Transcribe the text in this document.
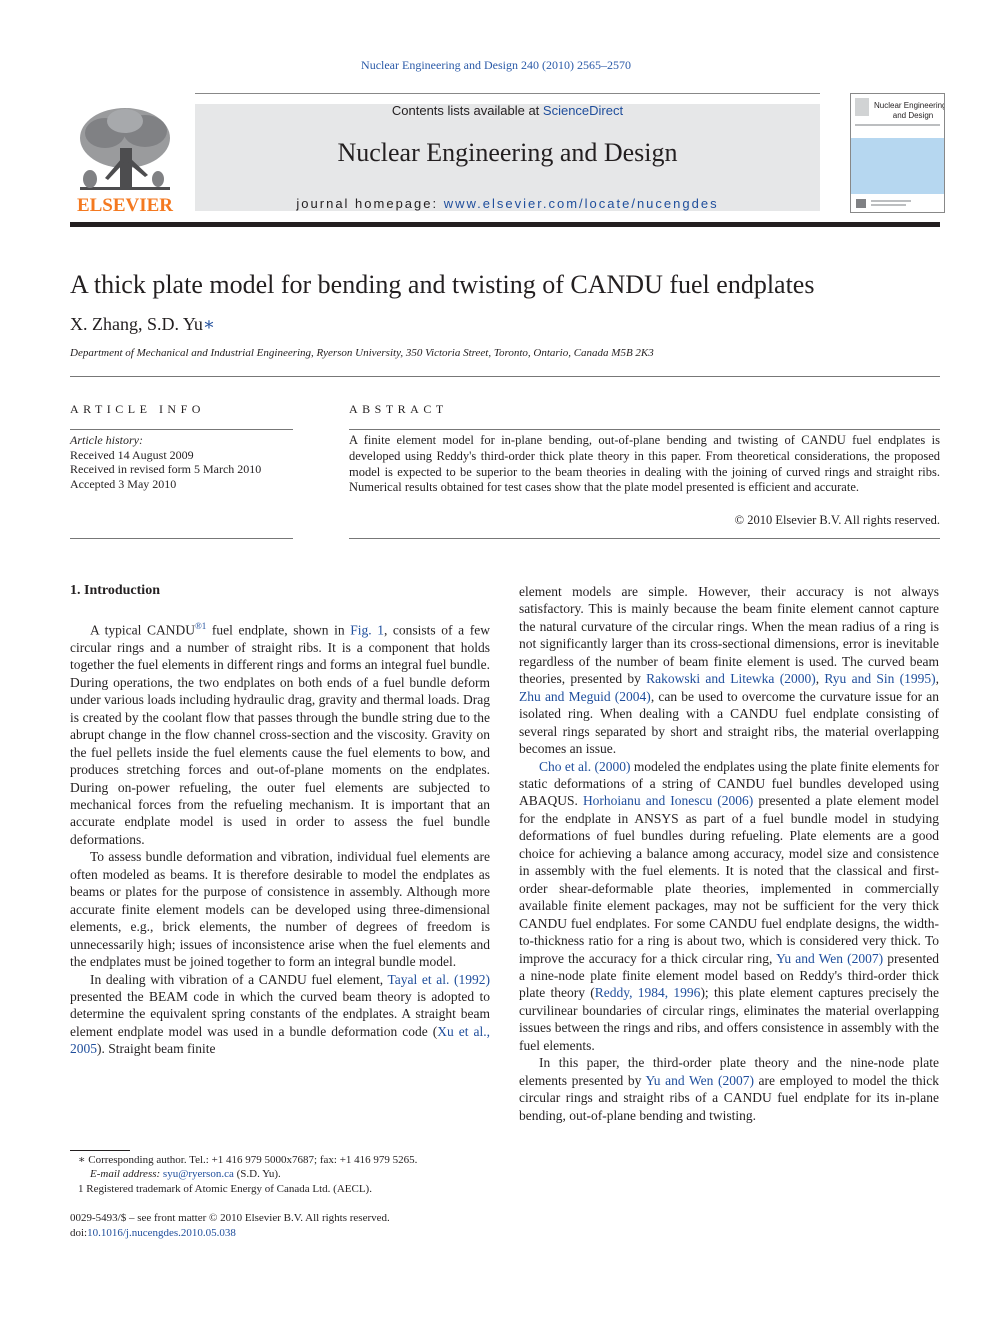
Nuclear Engineering and Design 240 (2010) 2565–2570
ELSEVIER
Contents lists available at ScienceDirect
Nuclear Engineering and Design
journal homepage: www.elsevier.com/locate/nucengdes
Nuclear Engineering
and Design
A thick plate model for bending and twisting of CANDU fuel endplates
X. Zhang, S.D. Yu∗
Department of Mechanical and Industrial Engineering, Ryerson University, 350 Victoria Street, Toronto, Ontario, Canada M5B 2K3
ARTICLE INFO	ABSTRACT
Article history:
Received 14 August 2009
Received in revised form 5 March 2010
Accepted 3 May 2010
A finite element model for in-plane bending, out-of-plane bending and twisting of CANDU fuel endplates is developed using Reddy's third-order thick plate theory in this paper. From theoretical considerations, the proposed model is expected to be superior to the beam theories in dealing with the joining of curved rings and straight ribs. Numerical results obtained for test cases show that the plate model presented is efficient and accurate.
© 2010 Elsevier B.V. All rights reserved.
1. Introduction

A typical $CANDU^{®1}$ fuel endplate, shown in Fig. 1, consists of a few circular rings and a number of straight ribs. It is a component that holds together the fuel elements in different rings and forms an integral fuel bundle. During operations, the two endplates on both ends of a fuel bundle deform under various loads including hydraulic drag, gravity and thermal loads. Drag is created by the coolant flow that passes through the bundle string due to the abrupt change in the flow channel cross-section and the viscosity. Gravity on the fuel pellets inside the fuel elements cause the fuel elements to bow, and produces stretching forces and out-of-plane moments on the endplates. During on-power refueling, the outer fuel elements are subjected to mechanical forces from the refueling mechanism. It is important that an accurate endplate model is used in order to assess the fuel bundle deformations.

To assess bundle deformation and vibration, individual fuel elements are often modeled as beams. It is therefore desirable to model the endplates as beams or plates for the purpose of consistence in assembly. Although more accurate finite element models can be developed using three-dimensional elements, e.g., brick elements, the number of degrees of freedom is unnecessarily high; issues of inconsistence arise when the fuel elements and the endplates must be joined together to form an integral bundle model.

In dealing with vibration of a CANDU fuel element, Tayal et al. (1992) presented the BEAM code in which the curved beam theory is adopted to determine the equivalent spring constants of the endplates. A straight beam element endplate model was used in a bundle deformation code (Xu et al., 2005). Straight beam finite

element models are simple. However, their accuracy is not always satisfactory. This is mainly because the beam finite element cannot capture the natural curvature of the circular rings. When the mean radius of a ring is not significantly larger than its cross-sectional dimensions, error is inevitable regardless of the number of beam finite element is used. The curved beam theories, presented by Rakowski and Litewka (2000), Ryu and Sin (1995), Zhu and Meguid (2004), can be used to overcome the curvature issue for an isolated ring. When dealing with a CANDU fuel endplate consisting of several rings separated by short and straight ribs, the material overlapping becomes an issue.

Cho et al. (2000) modeled the endplates using the plate finite elements for static deformations of a string of CANDU fuel bundles developed using ABAQUS. Horhoianu and Ionescu (2006) presented a plate element model for the endplate in ANSYS as part of a fuel bundle model in studying deformations of fuel bundles during refueling. Plate elements are a good choice for achieving a balance among accuracy, model size and consistence in assembly with the fuel elements. It is noted that the classical and first-order shear-deformable plate theories, implemented in commercially available finite element packages, may not be sufficient for the very thick CANDU fuel endplates. For some CANDU fuel endplate designs, the width-to-thickness ratio for a ring is about two, which is considered very thick. To improve the accuracy for a thick circular ring, Yu and Wen (2007) presented a nine-node plate finite element model based on Reddy's third-order thick plate theory (Reddy, 1984, 1996); this plate element captures precisely the curvilinear boundaries of circular rings, eliminates the material overlapping issues between the rings and ribs, and offers consistence in assembly with the fuel elements.

In this paper, the third-order plate theory and the nine-node plate elements presented by Yu and Wen (2007) are employed to model the thick circular rings and straight ribs of a CANDU fuel endplate for its in-plane bending, out-of-plane bending and twisting.

∗ Corresponding author. Tel.: +1 416 979 5000x7687; fax: +1 416 979 5265.
E-mail address: syu@ryerson.ca (S.D. Yu).
1 Registered trademark of Atomic Energy of Canada Ltd. (AECL).
0029-5493/$ – see front matter © 2010 Elsevier B.V. All rights reserved.
doi:10.1016/j.nucengdes.2010.05.038
